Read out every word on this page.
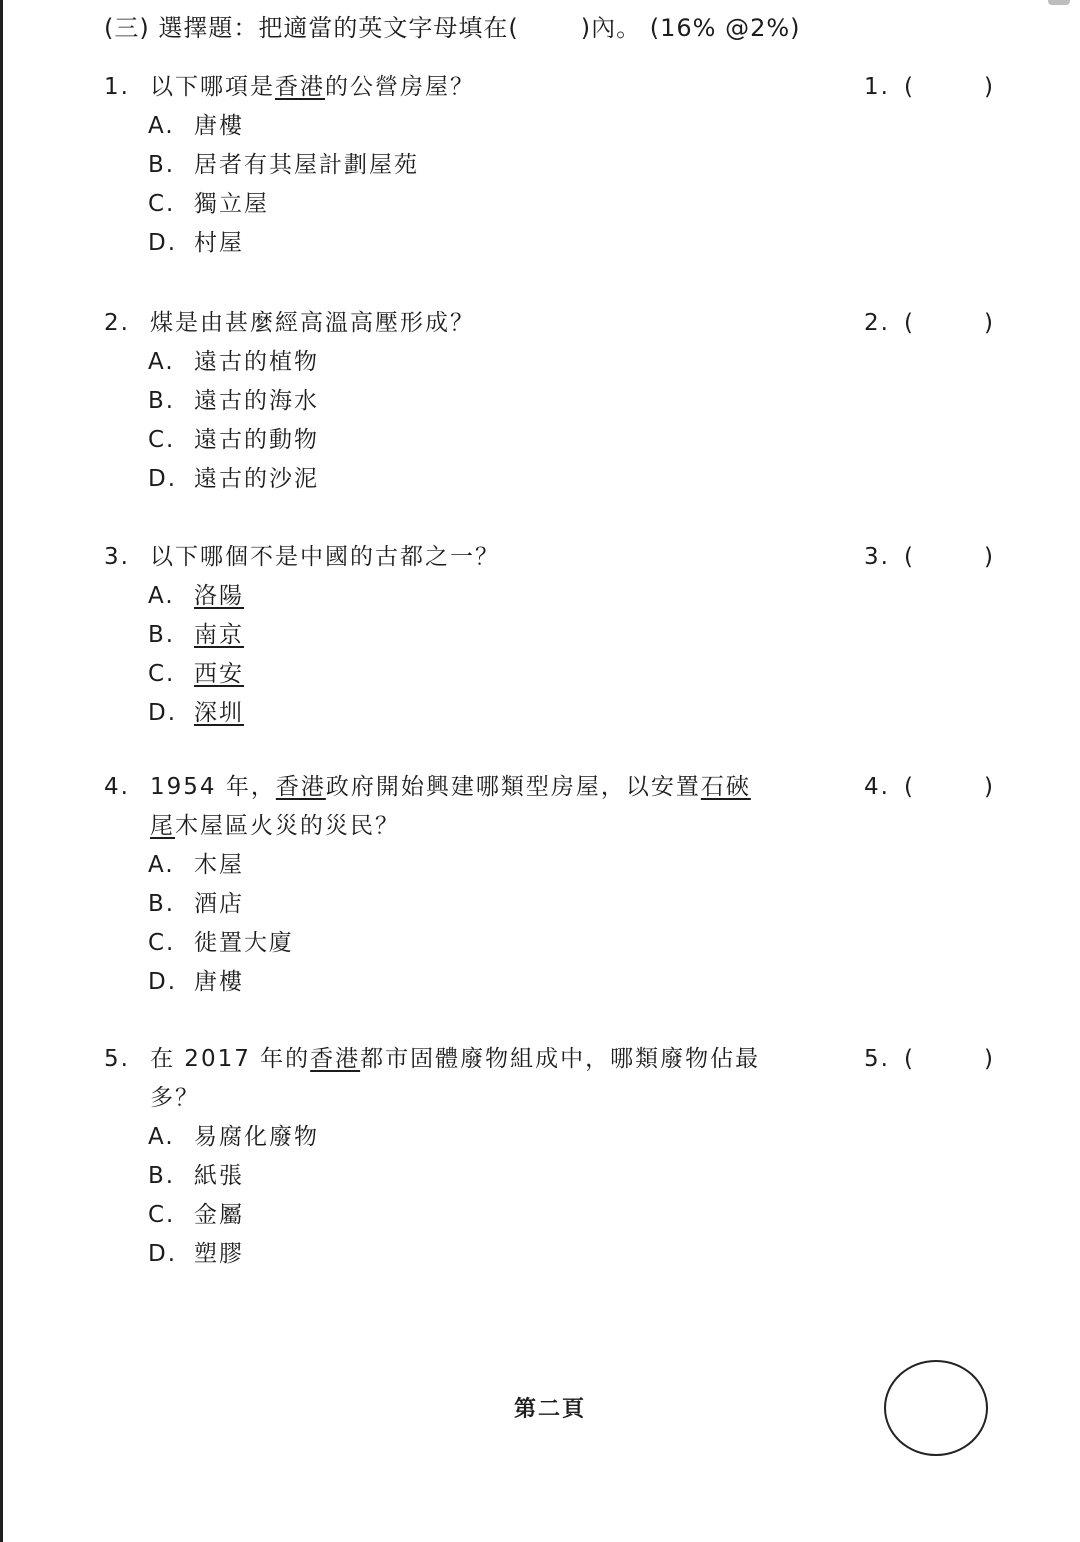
(三) 選擇題：把適當的英文字母填在(	)內。 (16% @2%)
1. 以下哪項是香港的公營房屋？	1. (	)
A. 唐樓
B. 居者有其屋計劃屋苑
C. 獨立屋
D. 村屋
2. 煤是由甚麼經高溫高壓形成？	2. (	)
A. 遠古的植物
B. 遠古的海水
C. 遠古的動物
D. 遠古的沙泥
3. 以下哪個不是中國的古都之一？	3. (	)
A. 洛陽
B. 南京
C. 西安
D. 深圳
4. 1954 年，香港政府開始興建哪類型房屋，以安置石硤
尾木屋區火災的災民？
4. (	)
A. 木屋
B. 酒店
C. 徙置大廈
D. 唐樓
5. 在 2017 年的香港都市固體廢物組成中，哪類廢物佔最
多？
5. (	)
A. 易腐化廢物
B. 紙張
C. 金屬
D. 塑膠
第二頁
